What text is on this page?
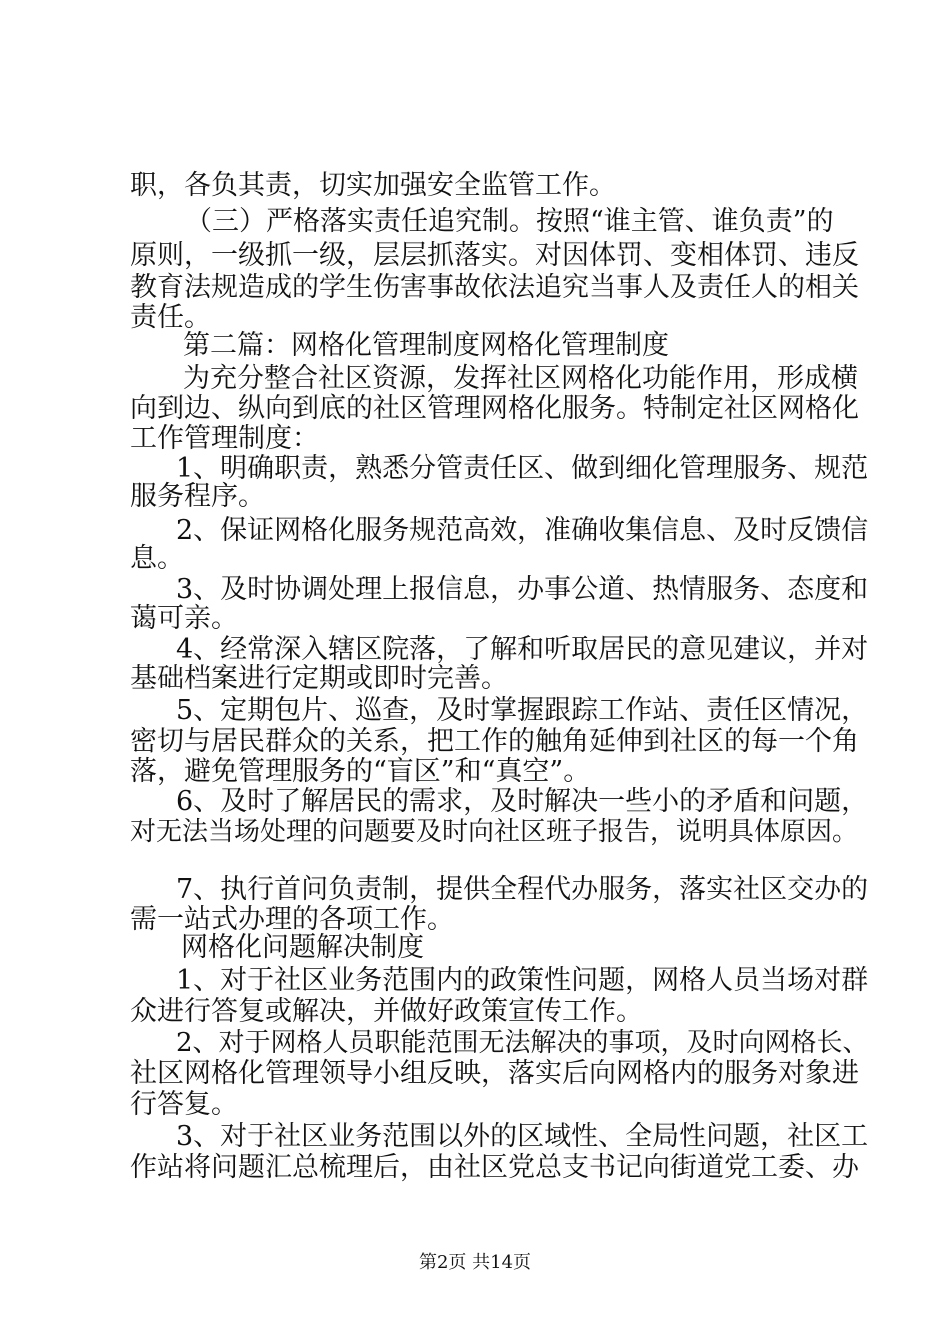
职，各负其责，切实加强安全监管工作。
（三）严格落实责任追究制。按照“谁主管、谁负责”的
原则，一级抓一级，层层抓落实。对因体罚、变相体罚、违反
教育法规造成的学生伤害事故依法追究当事人及责任人的相关
责任。
第二篇：网格化管理制度网格化管理制度
为充分整合社区资源，发挥社区网格化功能作用，形成横
向到边、纵向到底的社区管理网格化服务。特制定社区网格化
工作管理制度：
1、明确职责，熟悉分管责任区、做到细化管理服务、规范
服务程序。
2、保证网格化服务规范高效，准确收集信息、及时反馈信
息。
3、及时协调处理上报信息，办事公道、热情服务、态度和
蔼可亲。
4、经常深入辖区院落，了解和听取居民的意见建议，并对
基础档案进行定期或即时完善。
5、定期包片、巡查，及时掌握跟踪工作站、责任区情况，
密切与居民群众的关系，把工作的触角延伸到社区的每一个角
落，避免管理服务的“盲区”和“真空”。
6、及时了解居民的需求，及时解决一些小的矛盾和问题，
对无法当场处理的问题要及时向社区班子报告，说明具体原因。
7、执行首问负责制，提供全程代办服务，落实社区交办的
需一站式办理的各项工作。
网格化问题解决制度
1、对于社区业务范围内的政策性问题，网格人员当场对群
众进行答复或解决，并做好政策宣传工作。
2、对于网格人员职能范围无法解决的事项，及时向网格长、
社区网格化管理领导小组反映，落实后向网格内的服务对象进
行答复。
3、对于社区业务范围以外的区域性、全局性问题，社区工
作站将问题汇总梳理后，由社区党总支书记向街道党工委、办
第2页 共14页
